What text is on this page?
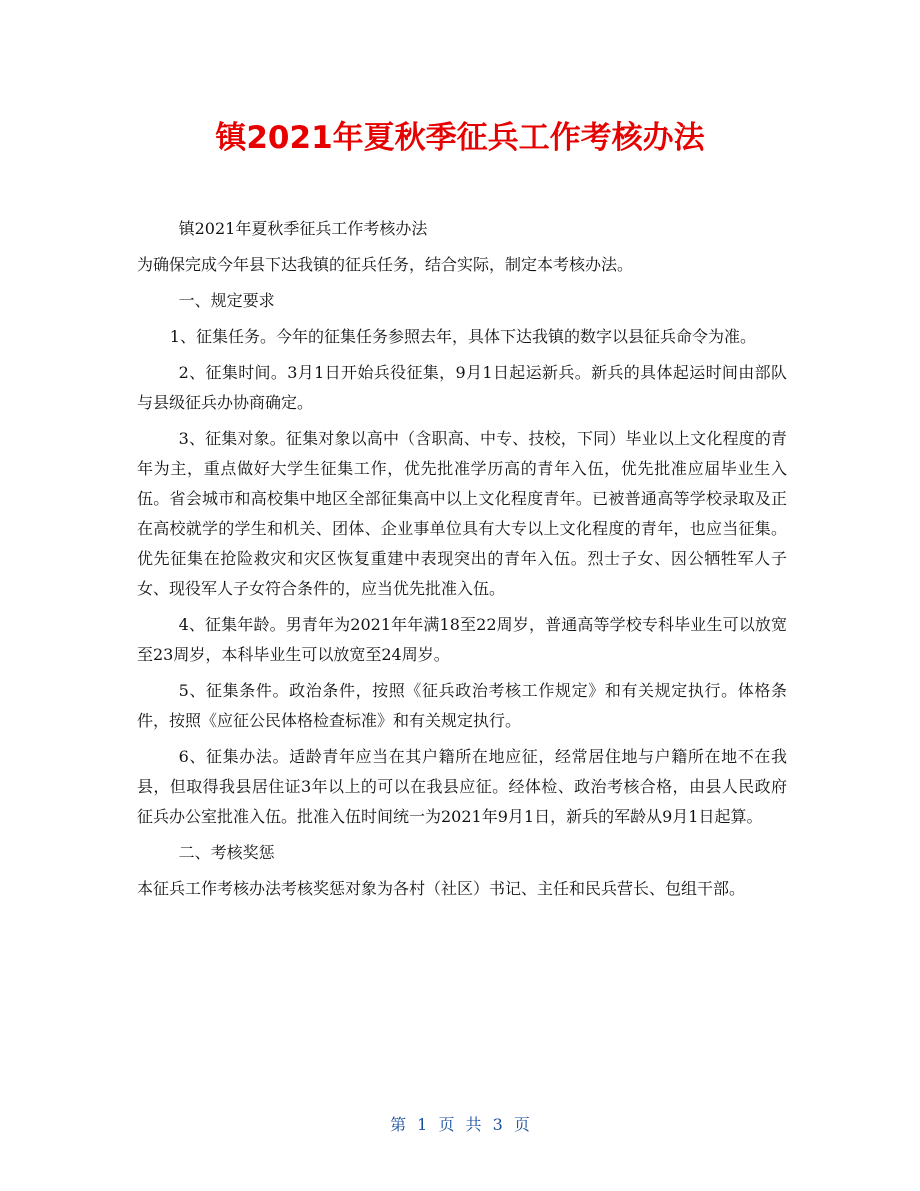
镇2021年夏秋季征兵工作考核办法

镇2021年夏秋季征兵工作考核办法

为确保完成今年县下达我镇的征兵任务，结合实际，制定本考核办法。

一、规定要求

1、征集任务。今年的征集任务参照去年，具体下达我镇的数字以县征兵命令为准。

2、征集时间。3月1日开始兵役征集，9月1日起运新兵。新兵的具体起运时间由部队与县级征兵办协商确定。

3、征集对象。征集对象以高中（含职高、中专、技校，下同）毕业以上文化程度的青年为主，重点做好大学生征集工作，优先批准学历高的青年入伍，优先批准应届毕业生入伍。省会城市和高校集中地区全部征集高中以上文化程度青年。已被普通高等学校录取及正在高校就学的学生和机关、团体、企业事单位具有大专以上文化程度的青年，也应当征集。优先征集在抢险救灾和灾区恢复重建中表现突出的青年入伍。烈士子女、因公牺牲军人子女、现役军人子女符合条件的，应当优先批准入伍。

4、征集年龄。男青年为2021年年满18至22周岁，普通高等学校专科毕业生可以放宽至23周岁，本科毕业生可以放宽至24周岁。

5、征集条件。政治条件，按照《征兵政治考核工作规定》和有关规定执行。体格条件，按照《应征公民体格检查标准》和有关规定执行。

6、征集办法。适龄青年应当在其户籍所在地应征，经常居住地与户籍所在地不在我县，但取得我县居住证3年以上的可以在我县应征。经体检、政治考核合格，由县人民政府征兵办公室批准入伍。批准入伍时间统一为2021年9月1日，新兵的军龄从9月1日起算。

二、考核奖惩

本征兵工作考核办法考核奖惩对象为各村（社区）书记、主任和民兵营长、包组干部。

第 1 页 共 3 页
